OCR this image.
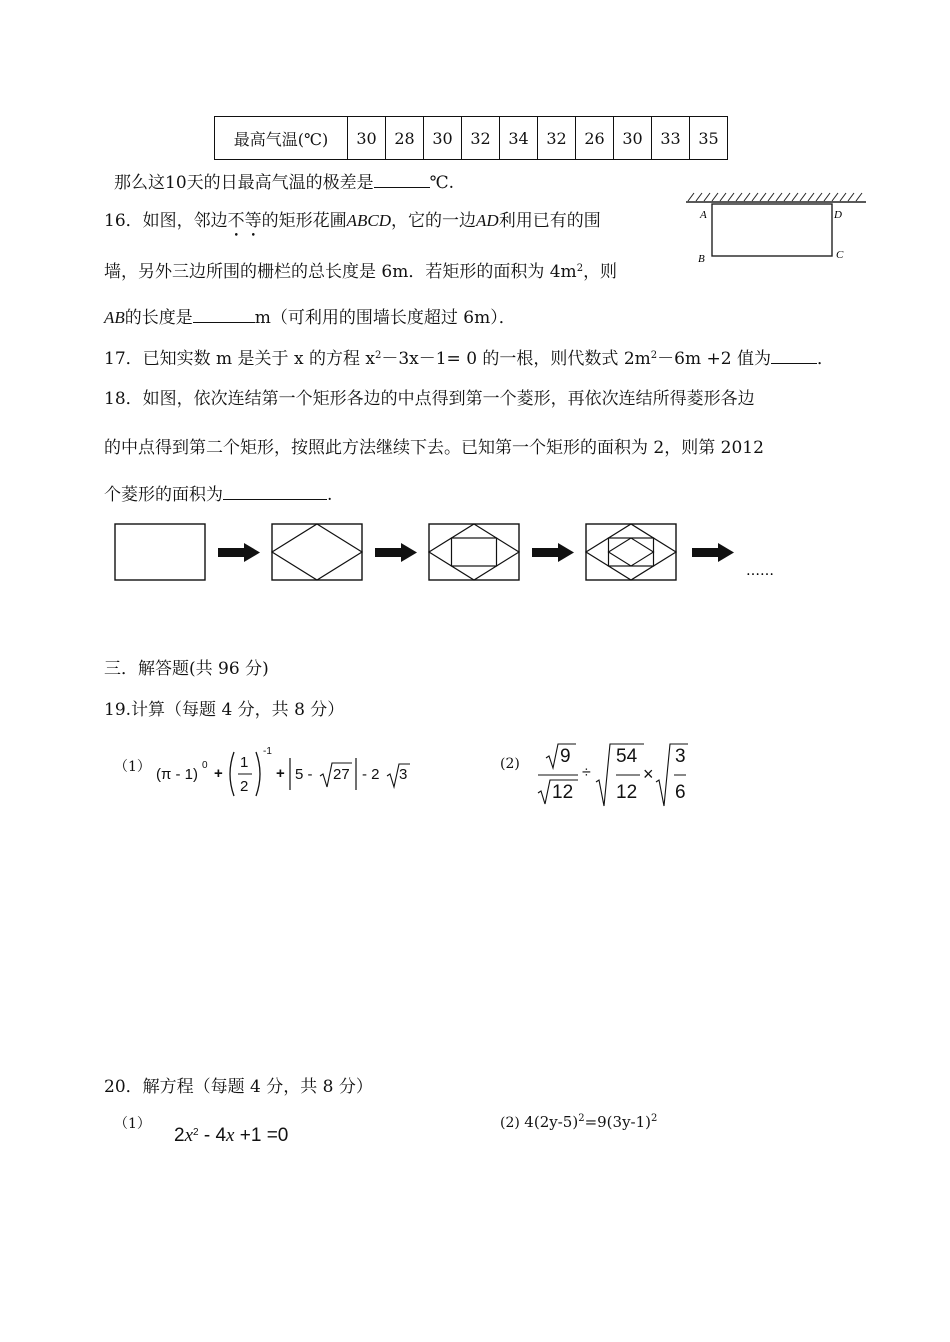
最高气温(℃)	30	28	30	32	34	32	26	30	33	35
那么这10天的日最高气温的极差是	℃.
16．如图，邻边不等的矩形花圃ABCD，它的一边AD利用已有的围
墙，另外三边所围的栅栏的总长度是 6m．若矩形的面积为 $4m^2$，则
AB的长度是	m（可利用的围墙长度超过 6m）．
A
B	C
D
17．已知实数 m 是关于 x 的方程 $x^2-3x-1= 0$ 的一根，则代数式 $2m^2-6m +2$ 值为	．
18．如图，依次连结第一个矩形各边的中点得到第一个菱形，再依次连结所得菱形各边
的中点得到第二个矩形，按照此方法继续下去。已知第一个矩形的面积为 2，则第 2012
个菱形的面积为	.
……
三．解答题(共 96 分)
19.计算（每题 4 分，共 8 分）
（1） (π - 1)
0 +
1
2
-1
+ 5 - 27 - 2 3
(2) 9
12
÷
54
12
×
3
6
20．解方程（每题 4 分，共 8 分）
（1）
$2x^2 - 4x +1 =0$
(2) $4(2y-5)^2=9(3y-1)^2$
